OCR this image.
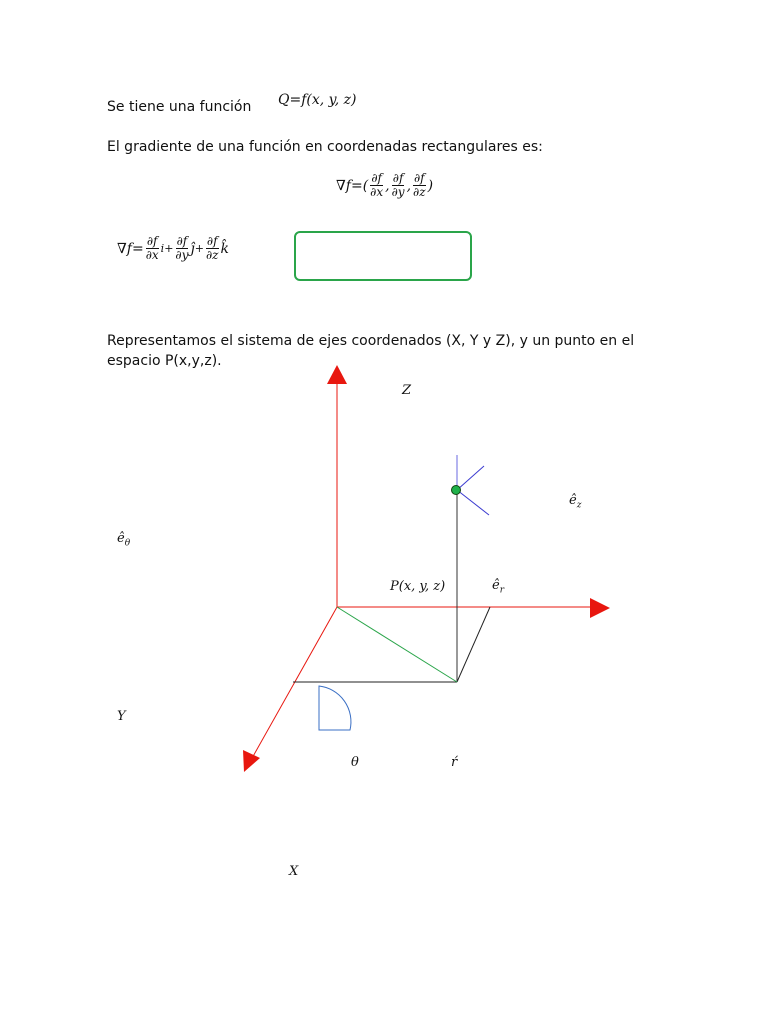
Se tiene una función Q=f(x, y, z)
El gradiente de una función en coordenadas rectangulares es:
$\nabla f=( \frac{\partial f}{\partial x}$ , $\frac{\partial f}{\partial y}$ , $\frac{\partial f}{\partial z}$ )
$\nabla f= \frac{\partial f}{\partial x}$ $i + \frac{\partial f}{\partial y}$ ĵ + $\frac{\partial f}{\partial z}$ k̂
Representamos el sistema de ejes coordenados (X, Y y Z), y un punto en el
espacio P(x,y,z).
Z
Y
X
P(x, y, z)
θ	ŕ
$ê_z$
$ê_\theta$
$ê_r$
